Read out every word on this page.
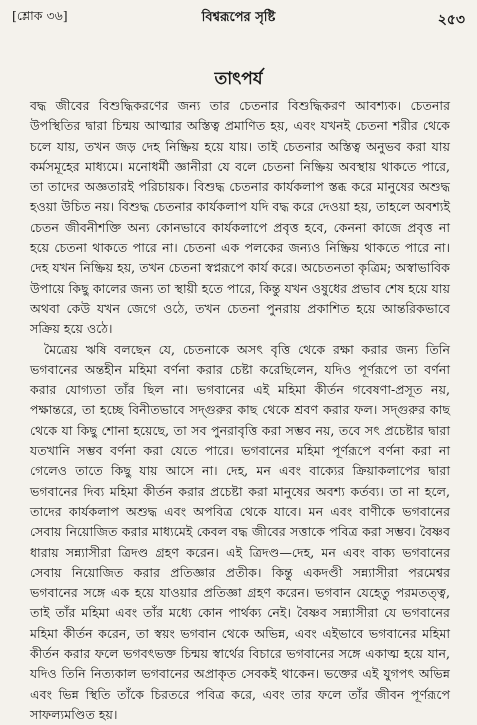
[শ্লোক ৩৬]	বিশ্বরূপের সৃষ্টি	২৫৩
তাৎপর্য

বদ্ধ জীবের বিশুদ্ধিকরণের জন্য তার চেতনার বিশুদ্ধিকরণ আবশ্যক। চেতনার উপস্থিতির দ্বারা চিন্ময় আত্মার অস্তিত্ব প্রমাণিত হয়, এবং যখনই চেতনা শরীর থেকে চলে যায়, তখন জড় দেহ নিষ্ক্রিয় হয়ে যায়। তাই চেতনার অস্তিত্ব অনুভব করা যায় কর্মসমূহের মাধ্যমে। মনোধর্মী জ্ঞানীরা যে বলে চেতনা নিষ্ক্রিয় অবস্থায় থাকতে পারে, তা তাদের অজ্ঞতারই পরিচায়ক। বিশুদ্ধ চেতনার কার্যকলাপ স্তব্ধ করে মানুষের অশুদ্ধ হওয়া উচিত নয়। বিশুদ্ধ চেতনার কার্যকলাপ যদি বদ্ধ করে দেওয়া হয়, তাহলে অবশ্যই চেতন জীবনীশক্তি অন্য কোনভাবে কার্যকলাপে প্রবৃত্ত হবে, কেননা কাজে প্রবৃত্ত না হয়ে চেতনা থাকতে পারে না। চেতনা এক পলকের জন্যও নিষ্ক্রিয় থাকতে পারে না। দেহ যখন নিষ্ক্রিয় হয়, তখন চেতনা স্বপ্নরূপে কার্য করে। অচেতনতা কৃত্রিম; অস্বাভাবিক উপায়ে কিছু কালের জন্য তা স্থায়ী হতে পারে, কিন্তু যখন ওষুধের প্রভাব শেষ হয়ে যায় অথবা কেউ যখন জেগে ওঠে, তখন চেতনা পুনরায় প্রকাশিত হয়ে আন্তরিকভাবে সক্রিয় হয়ে ওঠে।

মৈত্রেয় ঋষি বলছেন যে, চেতনাকে অসৎ বৃত্তি থেকে রক্ষা করার জন্য তিনি ভগবানের অন্তহীন মহিমা বর্ণনা করার চেষ্টা করেছিলেন, যদিও পূর্ণরূপে তা বর্ণনা করার যোগ্যতা তাঁর ছিল না। ভগবানের এই মহিমা কীর্তন গবেষণা-প্রসূত নয়, পক্ষান্তরে, তা হচ্ছে বিনীতভাবে সদ্‌গুরুর কাছ থেকে শ্রবণ করার ফল। সদ্‌গুরুর কাছ থেকে যা কিছু শোনা হয়েছে, তা সব পুনরাবৃত্তি করা সম্ভব নয়, তবে সৎ প্রচেষ্টার দ্বারা যতখানি সম্ভব বর্ণনা করা যেতে পারে। ভগবানের মহিমা পূর্ণরূপে বর্ণনা করা না গেলেও তাতে কিছু যায় আসে না। দেহ, মন এবং বাক্যের ক্রিয়াকলাপের দ্বারা ভগবানের দিব্য মহিমা কীর্তন করার প্রচেষ্টা করা মানুষের অবশ্য কর্তব্য। তা না হলে, তাদের কার্যকলাপ অশুদ্ধ এবং অপবিত্র থেকে যাবে। মন এবং বাণীকে ভগবানের সেবায় নিয়োজিত করার মাধ্যমেই কেবল বদ্ধ জীবের সত্তাকে পবিত্র করা সম্ভব। বৈষ্ণব ধারায় সন্ন্যাসীরা ত্রিদণ্ড গ্রহণ করেন। এই ত্রিদণ্ড—দেহ, মন এবং বাক্য ভগবানের সেবায় নিয়োজিত করার প্রতিজ্ঞার প্রতীক। কিন্তু একদণ্ডী সন্ন্যাসীরা পরমেশ্বর ভগবানের সঙ্গে এক হয়ে যাওয়ার প্রতিজ্ঞা গ্রহণ করেন। ভগবান যেহেতু পরমতত্ত্ব, তাই তাঁর মহিমা এবং তাঁর মধ্যে কোন পার্থক্য নেই। বৈষ্ণব সন্ন্যাসীরা যে ভগবানের মহিমা কীর্তন করেন, তা স্বয়ং ভগবান থেকে অভিন্ন, এবং এইভাবে ভগবানের মহিমা কীর্তন করার ফলে ভগবৎভক্ত চিন্ময় স্বার্থের বিচারে ভগবানের সঙ্গে একাত্ম হয়ে যান, যদিও তিনি নিত্যকাল ভগবানের অপ্রাকৃত সেবকই থাকেন। ভক্তের এই যুগপৎ অভিন্ন এবং ভিন্ন স্থিতি তাঁকে চিরতরে পবিত্র করে, এবং তার ফলে তাঁর জীবন পূর্ণরূপে সাফল্যমণ্ডিত হয়।
